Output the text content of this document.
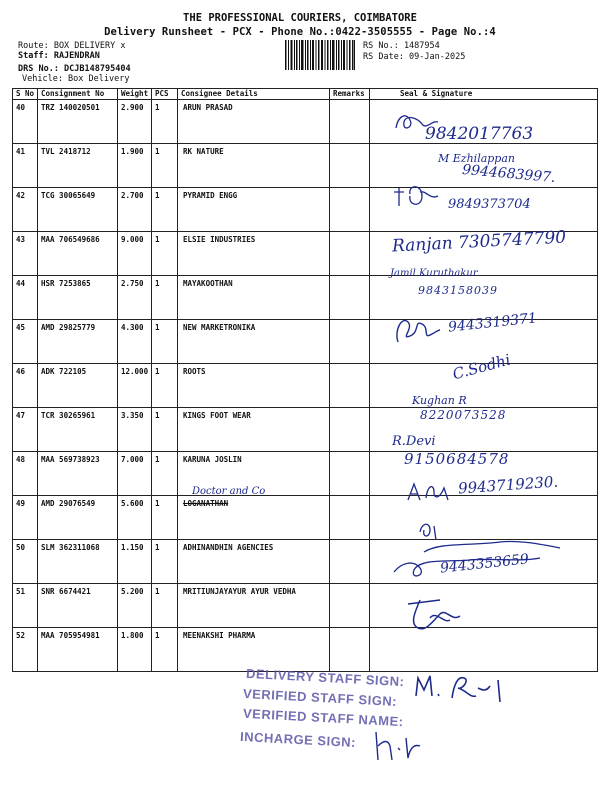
THE PROFESSIONAL COURIERS, COIMBATORE
Delivery Runsheet - PCX - Phone No.:0422-3505555 - Page No.:4
Route: BOX DELIVERY x
Staff: RAJENDRAN
DRS No.: DCJB148795404
Vehicle: Box Delivery
RS No.: 1487954
RS Date: 09-Jan-2025
S No	Consignment No	Weight	PCS	Consignee Details	Remarks	Seal & Signature
40	TRZ 140020501	2.900	1	ARUN PRASAD		
41	TVL 2418712	1.900	1	RK NATURE		
42	TCG 30065649	2.700	1	PYRAMID ENGG		
43	MAA 706549686	9.000	1	ELSIE INDUSTRIES		
44	HSR 7253865	2.750	1	MAYAKOOTHAN		
45	AMD 29825779	4.300	1	NEW MARKETRONIKA		
46	ADK 722105	12.000	1	ROOTS		
47	TCR 30265961	3.350	1	KINGS FOOT WEAR		
48	MAA 569738923	7.000	1	KARUNA JOSLIN		
49	AMD 29076549	5.600	1	LOGANATHAN		
50	SLM 362311068	1.150	1	ADHINANDHIN AGENCIES		
51	SNR 6674421	5.200	1	MRITIUNJAYAYUR AYUR VEDHA		
52	MAA 705954981	1.800	1	MEENAKSHI PHARMA		
9842017763
M Ezhilappan
9944683997.
9849373704
Ranjan 7305747790
Jamil Kuruthakur
9843158039
9443319371
C.Sodhi
Kughan R
8220073528
R.Devi
9150684578
Doctor and Co	9943719230.
9443353659
DELIVERY STAFF SIGN:
VERIFIED STAFF SIGN:
VERIFIED STAFF NAME:
INCHARGE SIGN:
